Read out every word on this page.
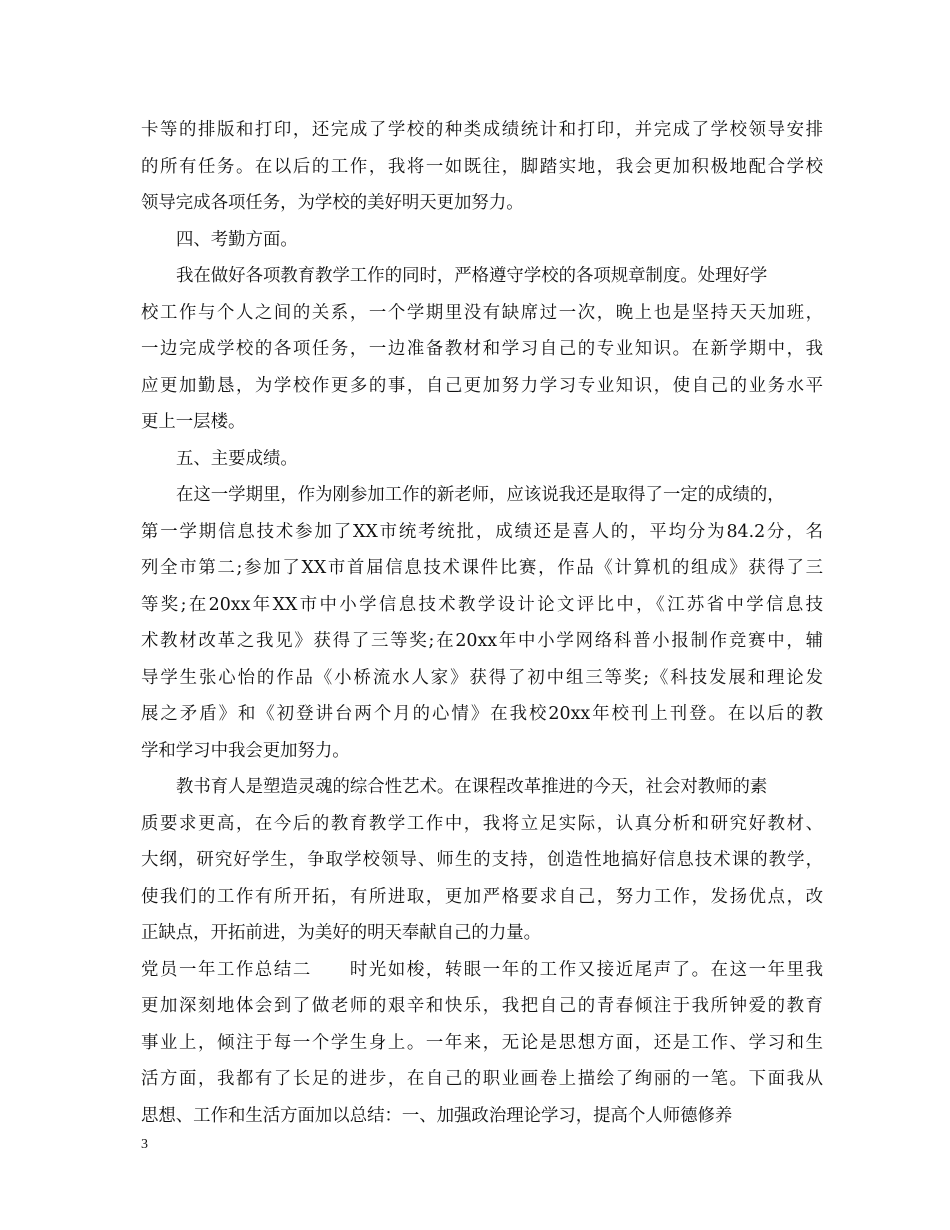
卡等的排版和打印，还完成了学校的种类成绩统计和打印，并完成了学校领导安排
的所有任务。在以后的工作，我将一如既往，脚踏实地，我会更加积极地配合学校
领导完成各项任务，为学校的美好明天更加努力。
四、考勤方面。
我在做好各项教育教学工作的同时，严格遵守学校的各项规章制度。处理好学
校工作与个人之间的关系，一个学期里没有缺席过一次，晚上也是坚持天天加班，
一边完成学校的各项任务，一边准备教材和学习自己的专业知识。在新学期中，我
应更加勤恳，为学校作更多的事，自己更加努力学习专业知识，使自己的业务水平
更上一层楼。
五、主要成绩。
在这一学期里，作为刚参加工作的新老师，应该说我还是取得了一定的成绩的，
第一学期信息技术参加了XX市统考统批，成绩还是喜人的，平均分为84.2分，名
列全市第二;参加了XX市首届信息技术课件比赛，作品《计算机的组成》获得了三
等奖;在20xx年XX市中小学信息技术教学设计论文评比中，《江苏省中学信息技
术教材改革之我见》获得了三等奖;在20xx年中小学网络科普小报制作竞赛中，辅
导学生张心怡的作品《小桥流水人家》获得了初中组三等奖;《科技发展和理论发
展之矛盾》和《初登讲台两个月的心情》在我校20xx年校刊上刊登。在以后的教
学和学习中我会更加努力。
教书育人是塑造灵魂的综合性艺术。在课程改革推进的今天，社会对教师的素
质要求更高，在今后的教育教学工作中，我将立足实际，认真分析和研究好教材、
大纲，研究好学生，争取学校领导、师生的支持，创造性地搞好信息技术课的教学，
使我们的工作有所开拓，有所进取，更加严格要求自己，努力工作，发扬优点，改
正缺点，开拓前进，为美好的明天奉献自己的力量。
党员一年工作总结二　　时光如梭，转眼一年的工作又接近尾声了。在这一年里我
更加深刻地体会到了做老师的艰辛和快乐，我把自己的青春倾注于我所钟爱的教育
事业上，倾注于每一个学生身上。一年来，无论是思想方面，还是工作、学习和生
活方面，我都有了长足的进步，在自己的职业画卷上描绘了绚丽的一笔。下面我从
思想、工作和生活方面加以总结：一、加强政治理论学习，提高个人师德修养
3
